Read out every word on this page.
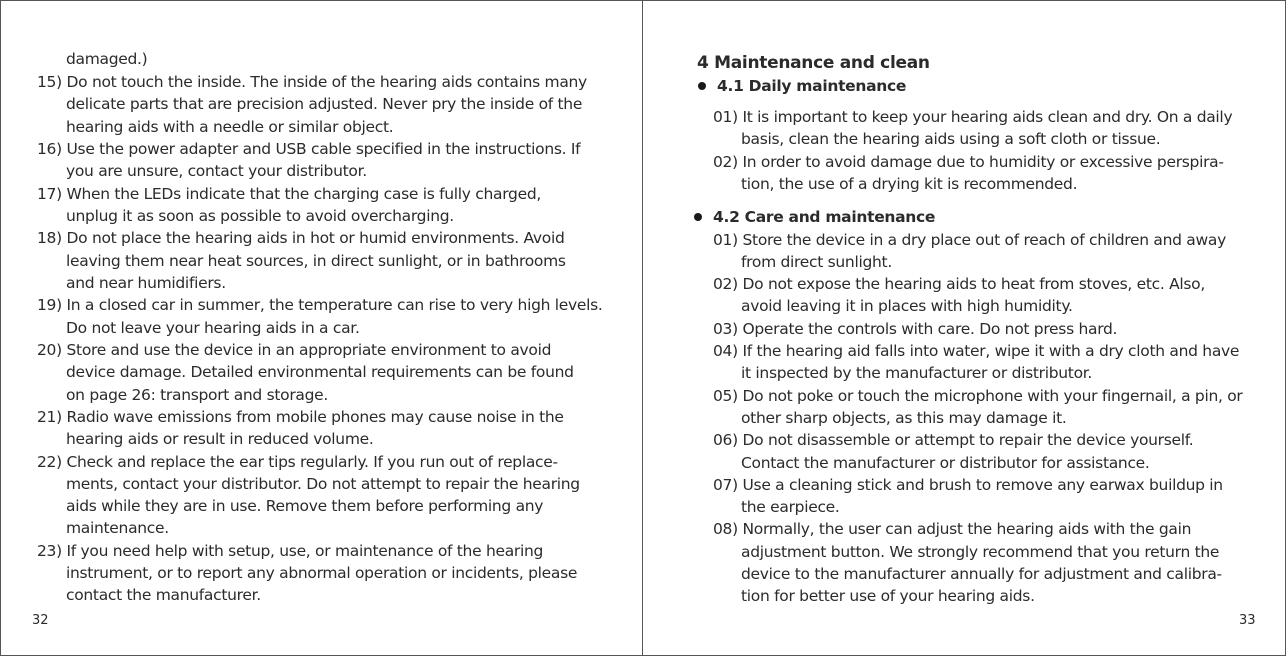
damaged.)
15) Do not touch the inside. The inside of the hearing aids contains many
delicate parts that are precision adjusted. Never pry the inside of the
hearing aids with a needle or similar object.
16) Use the power adapter and USB cable specified in the instructions. If
you are unsure, contact your distributor.
17) When the LEDs indicate that the charging case is fully charged,
unplug it as soon as possible to avoid overcharging.
18) Do not place the hearing aids in hot or humid environments. Avoid
leaving them near heat sources, in direct sunlight, or in bathrooms
and near humidifiers.
19) In a closed car in summer, the temperature can rise to very high levels.
Do not leave your hearing aids in a car.
20) Store and use the device in an appropriate environment to avoid
device damage. Detailed environmental requirements can be found
on page 26: transport and storage.
21) Radio wave emissions from mobile phones may cause noise in the
hearing aids or result in reduced volume.
22) Check and replace the ear tips regularly. If you run out of replace-
ments, contact your distributor. Do not attempt to repair the hearing
aids while they are in use. Remove them before performing any
maintenance.
23) If you need help with setup, use, or maintenance of the hearing
instrument, or to report any abnormal operation or incidents, please
contact the manufacturer.
32
4 Maintenance and clean
4.1 Daily maintenance
01) It is important to keep your hearing aids clean and dry. On a daily
basis, clean the hearing aids using a soft cloth or tissue.
02) In order to avoid damage due to humidity or excessive perspira-
tion, the use of a drying kit is recommended.
4.2 Care and maintenance
01) Store the device in a dry place out of reach of children and away
from direct sunlight.
02) Do not expose the hearing aids to heat from stoves, etc. Also,
avoid leaving it in places with high humidity.
03) Operate the controls with care. Do not press hard.
04) If the hearing aid falls into water, wipe it with a dry cloth and have
it inspected by the manufacturer or distributor.
05) Do not poke or touch the microphone with your fingernail, a pin, or
other sharp objects, as this may damage it.
06) Do not disassemble or attempt to repair the device yourself.
Contact the manufacturer or distributor for assistance.
07) Use a cleaning stick and brush to remove any earwax buildup in
the earpiece.
08) Normally, the user can adjust the hearing aids with the gain
adjustment button. We strongly recommend that you return the
device to the manufacturer annually for adjustment and calibra-
tion for better use of your hearing aids.
33
